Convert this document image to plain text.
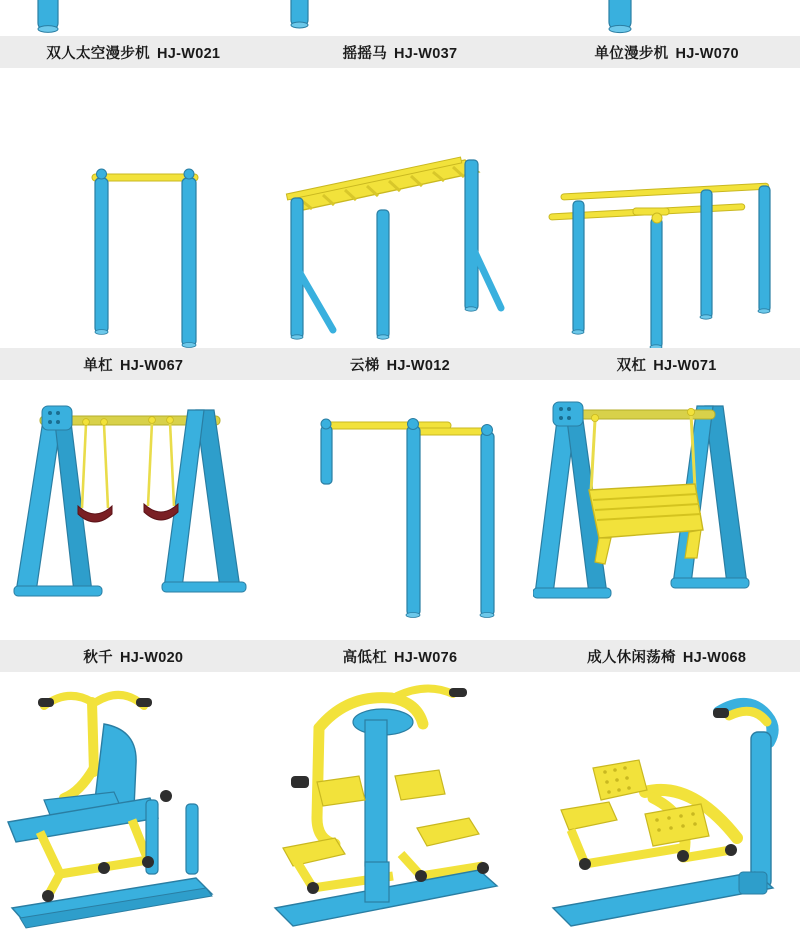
双人太空漫步机 HJ-W021	摇摇马 HJ-W037	单位漫步机 HJ-W070
单杠 HJ-W067	云梯 HJ-W012	双杠 HJ-W071
秋千 HJ-W020	高低杠 HJ-W076	成人休闲荡椅 HJ-W068
